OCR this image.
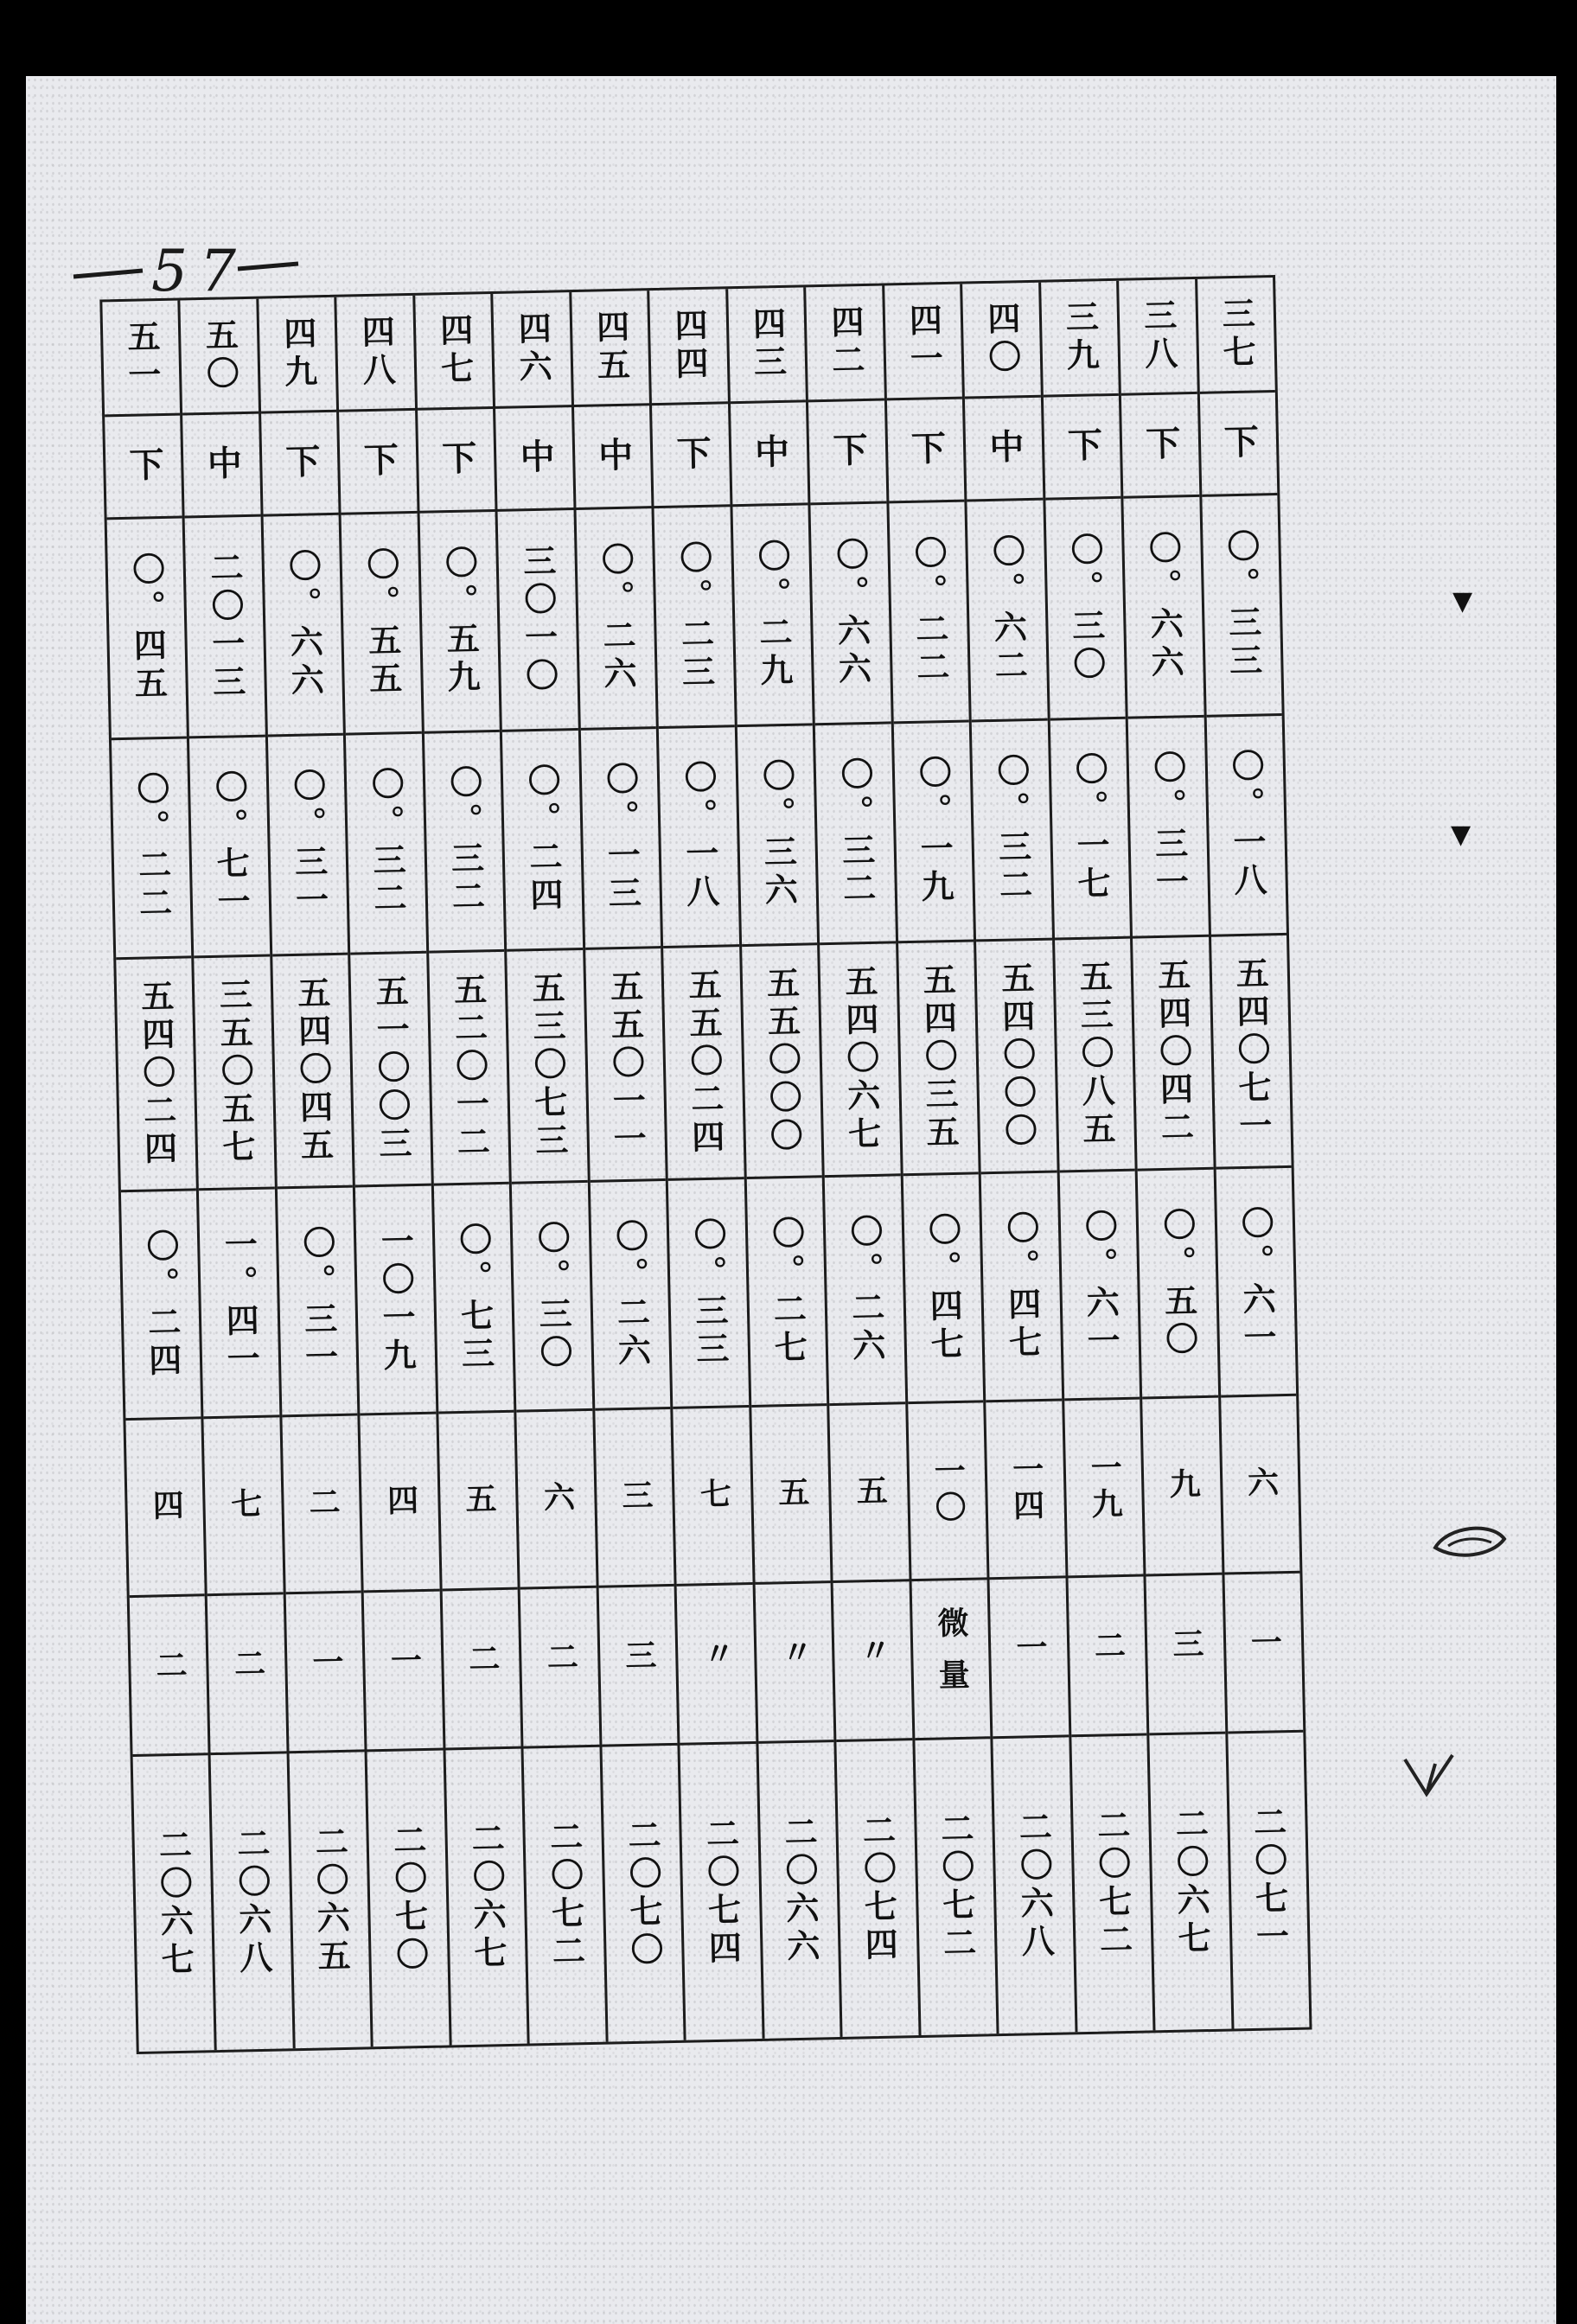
57
三七
下
〇。三三
〇。一八
五四〇七一
〇。六一
六
一
二〇七一
三八
下
〇。六六
〇。三一
五四〇四二
〇。五〇
九
三
二〇六七
三九
下
〇。三〇
〇。一七
五三〇八五
〇。六一
一九
二
二〇七二
四〇
中
〇。六二
〇。三二
五四〇〇〇
〇。四七
一四
一
二〇六八
四一
下
〇。二二
〇。一九
五四〇三五
〇。四七
一〇
微量
二〇七二
四二
下
〇。六六
〇。三二
五四〇六七
〇。二六
五
〃
二〇七四
四三
中
〇。二九
〇。三六
五五〇〇〇
〇。二七
五
〃
二〇六六
四四
下
〇。二三
〇。一八
五五〇二四
〇。三三
七
〃
二〇七四
四五
中
〇。二六
〇。一三
五五〇一一
〇。二六
三
三
二〇七〇
四六
中
三〇一〇
〇。二四
五三〇七三
〇。三〇
六
二
二〇七二
四七
下
〇。五九
〇。三二
五二〇一二
〇。七三
五
二
二〇六七
四八
下
〇。五五
〇。三二
五一〇〇三
一〇一九
四
一
二〇七〇
四九
下
〇。六六
〇。三一
五四〇四五
〇。三一
二
一
二〇六五
五〇
中
二〇一三
〇。七一
三五〇五七
一。四一
七
二
二〇六八
五一
下
〇。四五
〇。二二
五四〇二四
〇。二四
四
二
二〇六七
▼
▼
